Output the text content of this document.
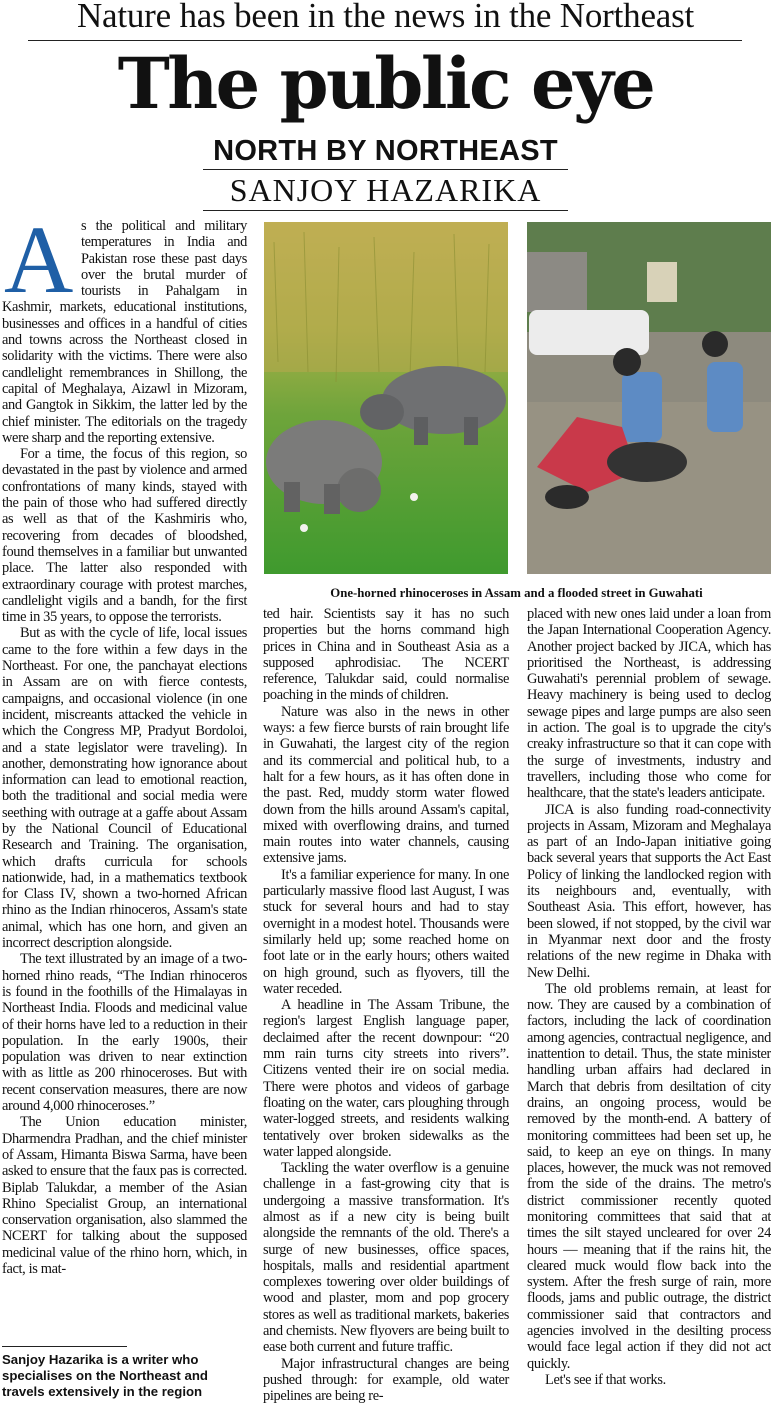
Nature has been in the news in the Northeast
The public eye
NORTH BY NORTHEAST
SANJOY HAZARIKA

As the political and military temperatures in India and Pakistan rose these past days over the brutal murder of tourists in Pahalgam in Kashmir, markets, educational institutions, businesses and offices in a handful of cities and towns across the Northeast closed in solidarity with the victims. There were also candlelight remembrances in Shillong, the capital of Meghalaya, Aizawl in Mizoram, and Gangtok in Sikkim, the latter led by the chief minister. The editorials on the tragedy were sharp and the reporting extensive.

For a time, the focus of this region, so devastated in the past by violence and armed confrontations of many kinds, stayed with the pain of those who had suffered directly as well as that of the Kashmiris who, recovering from decades of bloodshed, found themselves in a familiar but unwanted place. The latter also responded with extraordinary courage with protest marches, candlelight vigils and a bandh, for the first time in 35 years, to oppose the terrorists.

But as with the cycle of life, local issues came to the fore within a few days in the Northeast. For one, the panchayat elections in Assam are on with fierce contests, campaigns, and occasional violence (in one incident, miscreants attacked the vehicle in which the Congress MP, Pradyut Bordoloi, and a state legislator were traveling). In another, demonstrating how ignorance about information can lead to emotional reaction, both the traditional and social media were seething with outrage at a gaffe about Assam by the National Council of Educational Research and Training. The organisation, which drafts curricula for schools nationwide, had, in a mathematics textbook for Class IV, shown a two-horned African rhino as the Indian rhinoceros, Assam's state animal, which has one horn, and given an incorrect description alongside.

The text illustrated by an image of a two-horned rhino reads, “The Indian rhinoceros is found in the foothills of the Himalayas in Northeast India. Floods and medicinal value of their horns have led to a reduction in their population. In the early 1900s, their population was driven to near extinction with as little as 200 rhinoceroses. But with recent conservation measures, there are now around 4,000 rhinoceroses.”

The Union education minister, Dharmendra Pradhan, and the chief minister of Assam, Himanta Biswa Sarma, have been asked to ensure that the faux pas is corrected. Biplab Talukdar, a member of the Asian Rhino Specialist Group, an international conservation organisation, also slammed the NCERT for talking about the supposed medicinal value of the rhino horn, which, in fact, is mat-

One-horned rhinoceroses in Assam and a flooded street in Guwahati

ted hair. Scientists say it has no such properties but the horns command high prices in China and in Southeast Asia as a supposed aphrodisiac. The NCERT reference, Talukdar said, could normalise poaching in the minds of children.

Nature was also in the news in other ways: a few fierce bursts of rain brought life in Guwahati, the largest city of the region and its commercial and political hub, to a halt for a few hours, as it has often done in the past. Red, muddy storm water flowed down from the hills around Assam's capital, mixed with overflowing drains, and turned main routes into water channels, causing extensive jams.

It's a familiar experience for many. In one particularly massive flood last August, I was stuck for several hours and had to stay overnight in a modest hotel. Thousands were similarly held up; some reached home on foot late or in the early hours; others waited on high ground, such as flyovers, till the water receded.

A headline in The Assam Tribune, the region's largest English language paper, declaimed after the recent downpour: “20 mm rain turns city streets into rivers”. Citizens vented their ire on social media. There were photos and videos of garbage floating on the water, cars ploughing through water-logged streets, and residents walking tentatively over broken sidewalks as the water lapped alongside.

Tackling the water overflow is a genuine challenge in a fast-growing city that is undergoing a massive transformation. It's almost as if a new city is being built alongside the remnants of the old. There's a surge of new businesses, office spaces, hospitals, malls and residential apartment complexes towering over older buildings of wood and plaster, mom and pop grocery stores as well as traditional markets, bakeries and chemists. New flyovers are being built to ease both current and future traffic.

Major infrastructural changes are being pushed through: for example, old water pipelines are being re-

placed with new ones laid under a loan from the Japan International Cooperation Agency. Another project backed by JICA, which has prioritised the Northeast, is addressing Guwahati's perennial problem of sewage. Heavy machinery is being used to declog sewage pipes and large pumps are also seen in action. The goal is to upgrade the city's creaky infrastructure so that it can cope with the surge of investments, industry and travellers, including those who come for healthcare, that the state's leaders anticipate.

JICA is also funding road-connectivity projects in Assam, Mizoram and Meghalaya as part of an Indo-Japan initiative going back several years that supports the Act East Policy of linking the landlocked region with its neighbours and, eventually, with Southeast Asia. This effort, however, has been slowed, if not stopped, by the civil war in Myanmar next door and the frosty relations of the new regime in Dhaka with New Delhi.

The old problems remain, at least for now. They are caused by a combination of factors, including the lack of coordination among agencies, contractual negligence, and inattention to detail. Thus, the state minister handling urban affairs had declared in March that debris from desiltation of city drains, an ongoing process, would be removed by the month-end. A battery of monitoring committees had been set up, he said, to keep an eye on things. In many places, however, the muck was not removed from the side of the drains. The metro's district commissioner recently quoted monitoring committees that said that at times the silt stayed uncleared for over 24 hours — meaning that if the rains hit, the cleared muck would flow back into the system. After the fresh surge of rain, more floods, jams and public outrage, the district commissioner said that contractors and agencies involved in the desilting process would face legal action if they did not act quickly.

Let's see if that works.

Sanjoy Hazarika is a writer who specialises on the Northeast and travels extensively in the region
